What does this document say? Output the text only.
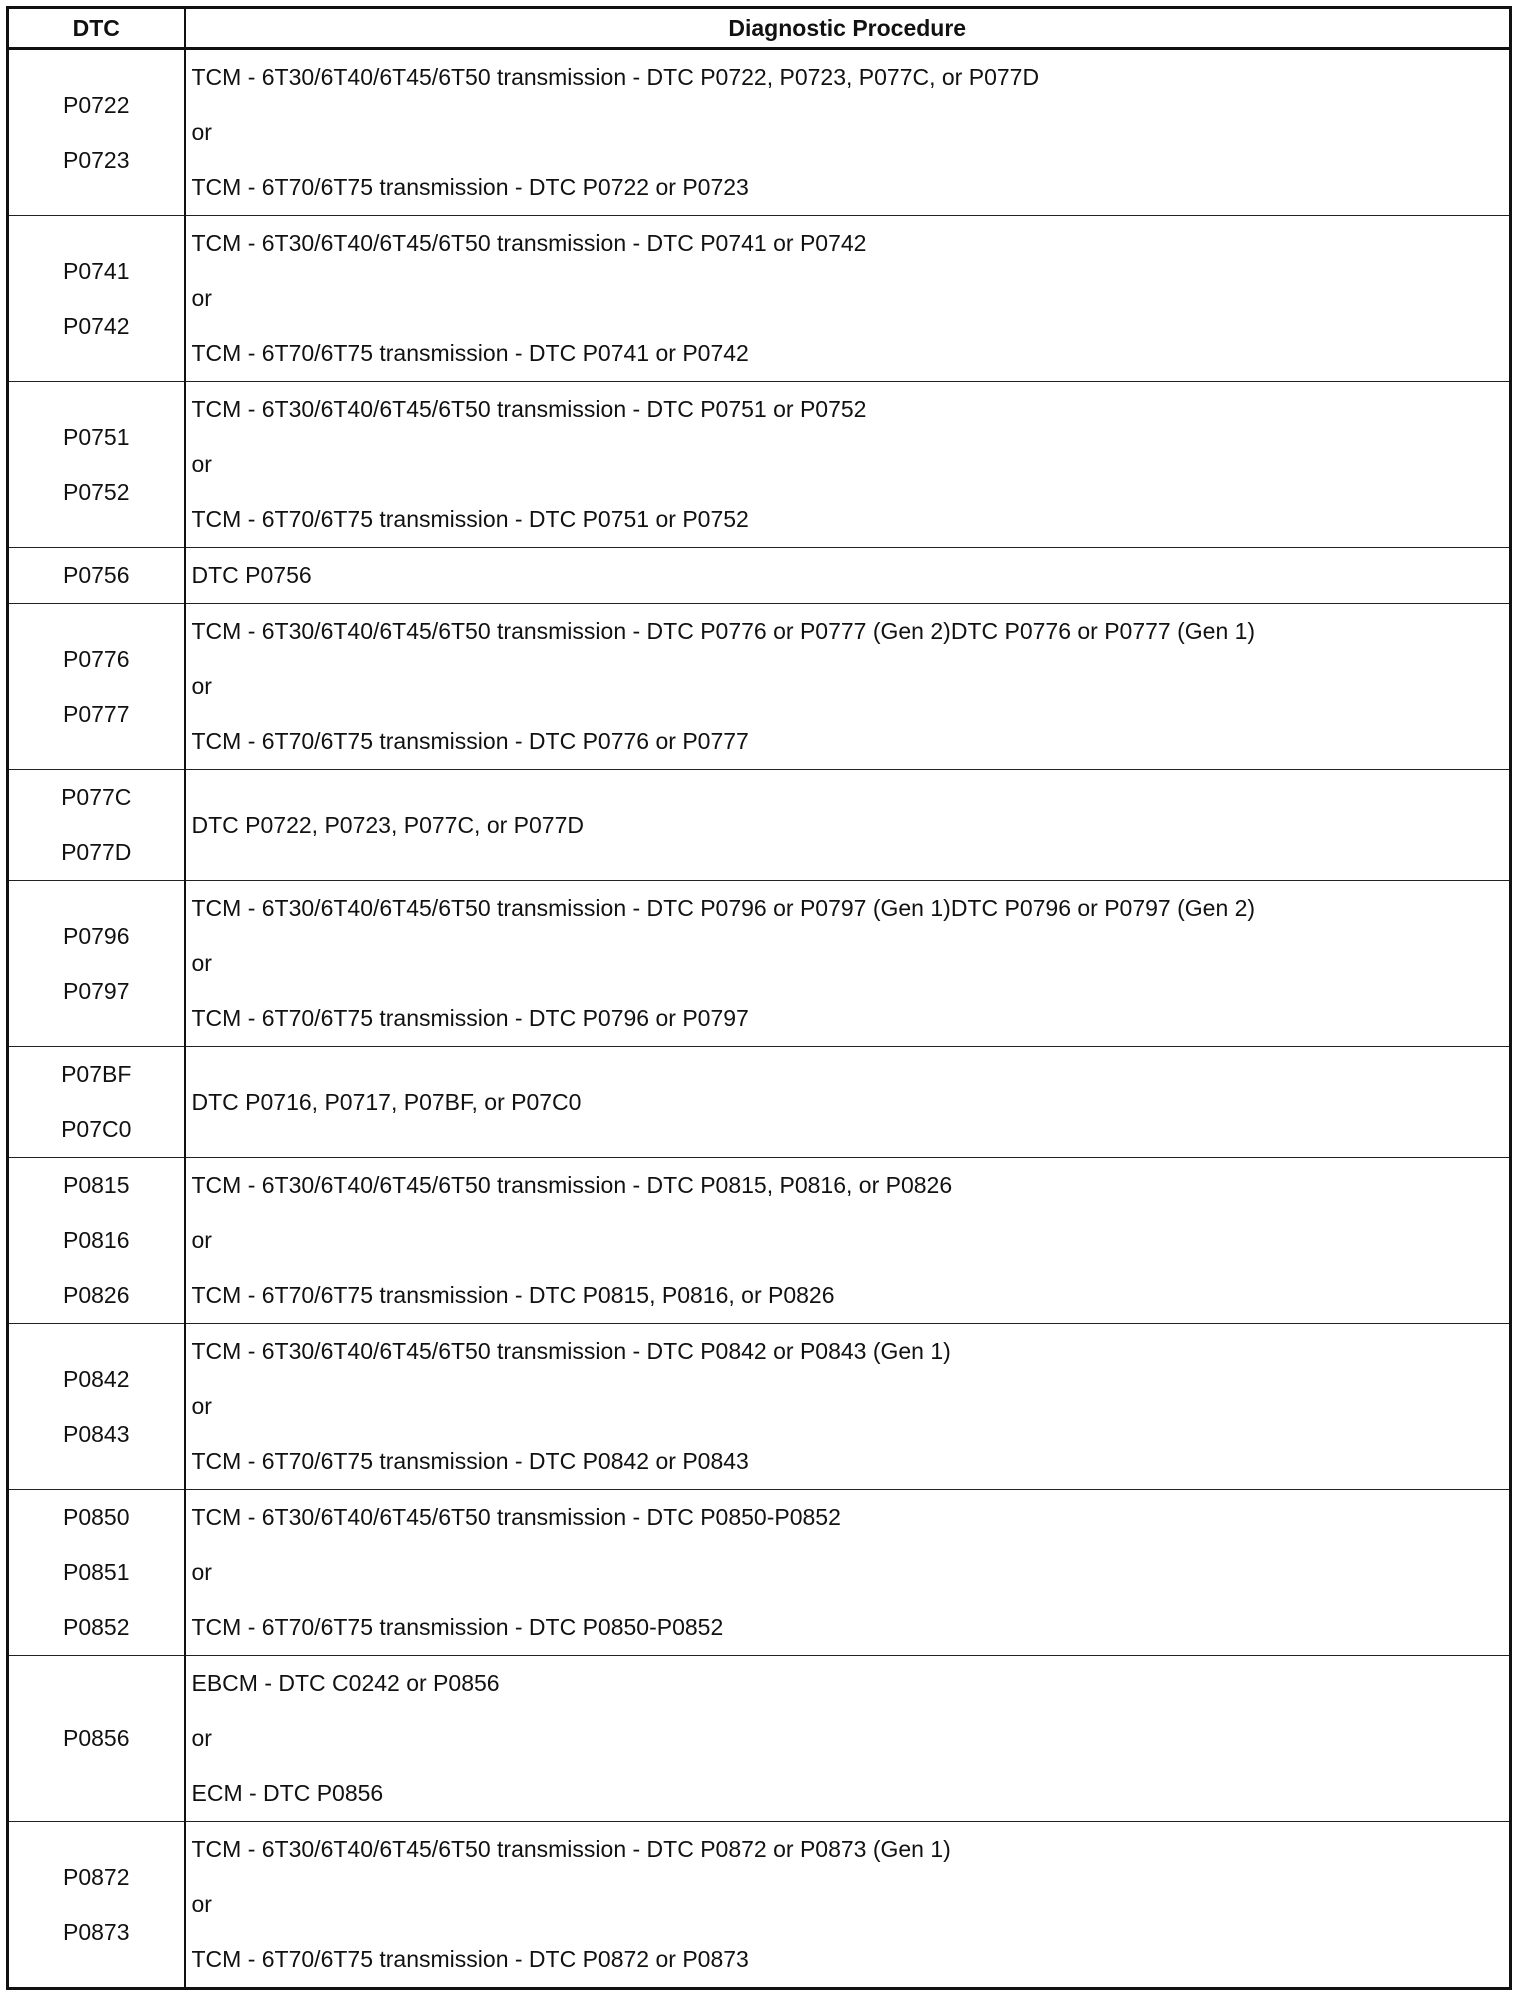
DTC	Diagnostic Procedure

P0722
P0723	TCM - 6T30/6T40/6T45/6T50 transmission - DTC P0722, P0723, P077C, or P077D
or
TCM - 6T70/6T75 transmission - DTC P0722 or P0723

P0741
P0742	TCM - 6T30/6T40/6T45/6T50 transmission - DTC P0741 or P0742
or
TCM - 6T70/6T75 transmission - DTC P0741 or P0742

P0751
P0752	TCM - 6T30/6T40/6T45/6T50 transmission - DTC P0751 or P0752
or
TCM - 6T70/6T75 transmission - DTC P0751 or P0752

P0756	DTC P0756

P0776
P0777	TCM - 6T30/6T40/6T45/6T50 transmission - DTC P0776 or P0777 (Gen 2)DTC P0776 or P0777 (Gen 1)
or
TCM - 6T70/6T75 transmission - DTC P0776 or P0777

P077C
P077D	DTC P0722, P0723, P077C, or P077D

P0796
P0797	TCM - 6T30/6T40/6T45/6T50 transmission - DTC P0796 or P0797 (Gen 1)DTC P0796 or P0797 (Gen 2)
or
TCM - 6T70/6T75 transmission - DTC P0796 or P0797

P07BF
P07C0	DTC P0716, P0717, P07BF, or P07C0

P0815
P0816
P0826	TCM - 6T30/6T40/6T45/6T50 transmission - DTC P0815, P0816, or P0826
or
TCM - 6T70/6T75 transmission - DTC P0815, P0816, or P0826

P0842
P0843	TCM - 6T30/6T40/6T45/6T50 transmission - DTC P0842 or P0843 (Gen 1)
or
TCM - 6T70/6T75 transmission - DTC P0842 or P0843

P0850
P0851
P0852	TCM - 6T30/6T40/6T45/6T50 transmission - DTC P0850-P0852
or
TCM - 6T70/6T75 transmission - DTC P0850-P0852

P0856	EBCM - DTC C0242 or P0856
or
ECM - DTC P0856

P0872
P0873	TCM - 6T30/6T40/6T45/6T50 transmission - DTC P0872 or P0873 (Gen 1)
or
TCM - 6T70/6T75 transmission - DTC P0872 or P0873
